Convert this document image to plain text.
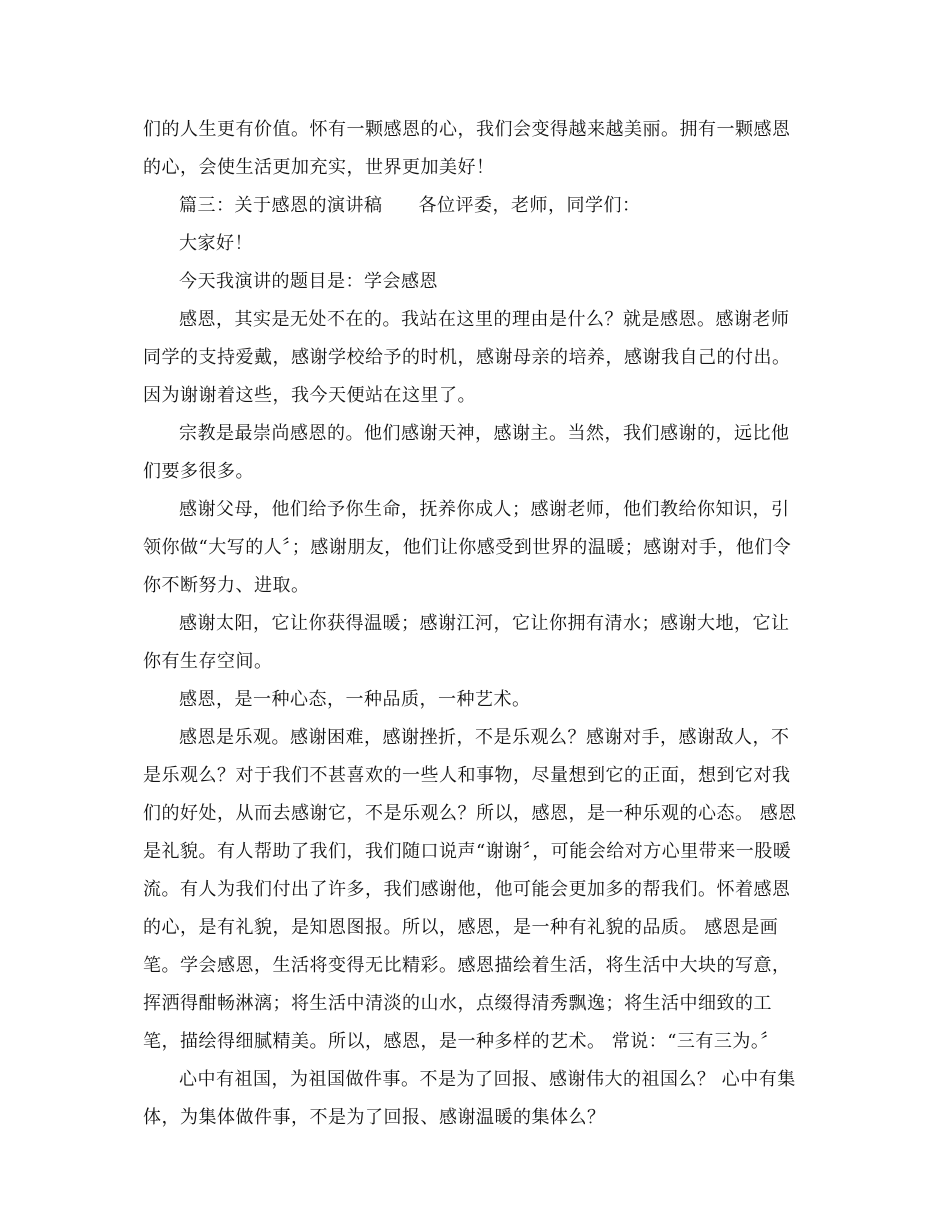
们的人生更有价值。怀有一颗感恩的心，我们会变得越来越美丽。拥有一颗感恩
的心，会使生活更加充实，世界更加美好！
篇三：关于感恩的演讲稿 各位评委，老师，同学们：
大家好！
今天我演讲的题目是：学会感恩
感恩，其实是无处不在的。我站在这里的理由是什么？就是感恩。感谢老师
同学的支持爱戴，感谢学校给予的时机，感谢母亲的培养，感谢我自己的付出。
因为谢谢着这些，我今天便站在这里了。
宗教是最崇尚感恩的。他们感谢天神，感谢主。当然，我们感谢的，远比他
们要多很多。
感谢父母，他们给予你生命，抚养你成人；感谢老师，他们教给你知识，引
领你做“大写的人〞；感谢朋友，他们让你感受到世界的温暖；感谢对手，他们令
你不断努力、进取。
感谢太阳，它让你获得温暖；感谢江河，它让你拥有清水；感谢大地，它让
你有生存空间。
感恩，是一种心态，一种品质，一种艺术。
感恩是乐观。感谢困难，感谢挫折，不是乐观么？感谢对手，感谢敌人，不
是乐观么？对于我们不甚喜欢的一些人和事物，尽量想到它的正面，想到它对我
们的好处，从而去感谢它，不是乐观么？所以，感恩，是一种乐观的心态。 感恩
是礼貌。有人帮助了我们，我们随口说声“谢谢〞，可能会给对方心里带来一股暖
流。有人为我们付出了许多，我们感谢他，他可能会更加多的帮我们。怀着感恩
的心，是有礼貌，是知恩图报。所以，感恩，是一种有礼貌的品质。 感恩是画
笔。学会感恩，生活将变得无比精彩。感恩描绘着生活，将生活中大块的写意，
挥洒得酣畅淋漓；将生活中清淡的山水，点缀得清秀飘逸；将生活中细致的工
笔，描绘得细腻精美。所以，感恩，是一种多样的艺术。 常说：“三有三为。〞
心中有祖国，为祖国做件事。不是为了回报、感谢伟大的祖国么？ 心中有集
体，为集体做件事，不是为了回报、感谢温暖的集体么？
